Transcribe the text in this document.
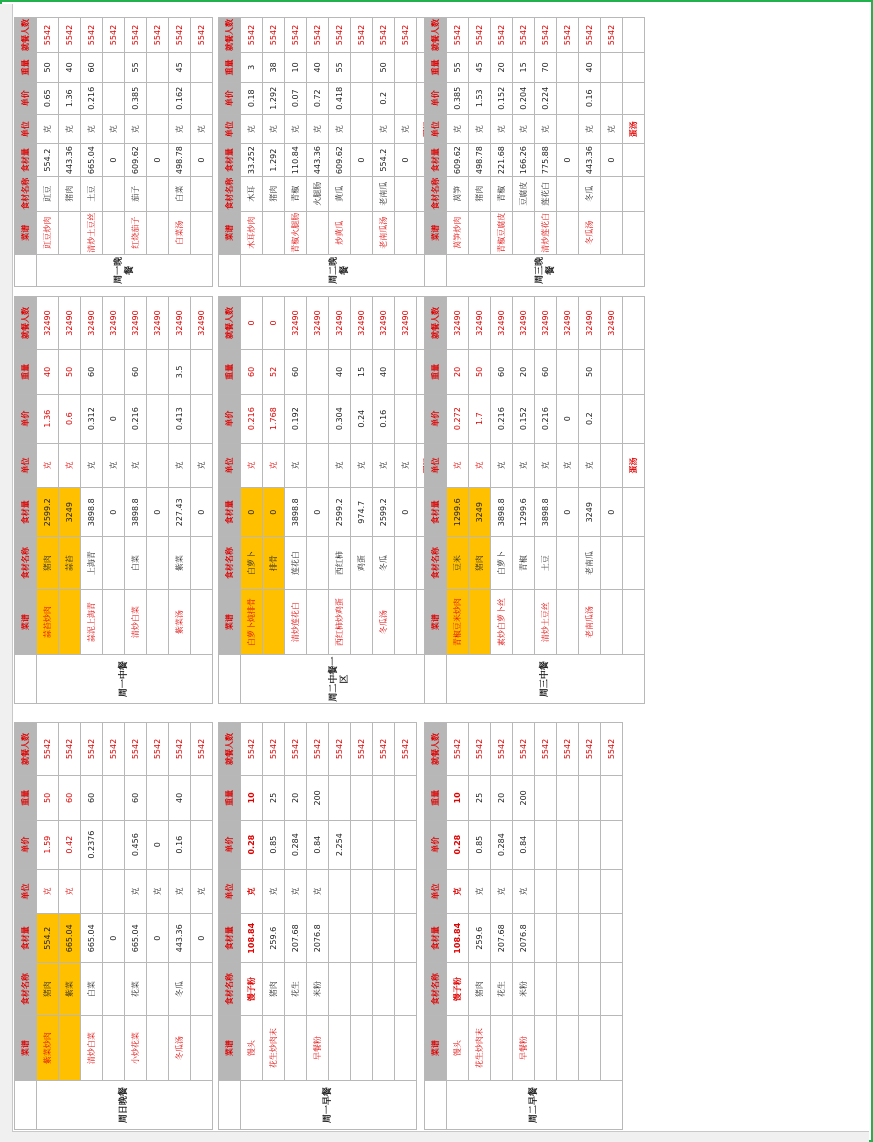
	菜谱	食材名称	食材量	单位	单价	重量	就餐人数
周日晚餐	紫菜炒肉	猪肉	554.2	克	1.59	50	5542
		紫菜	665.04	克	0.42	60	5542
	清炒白菜	白菜	665.04		0.2376	60	5542
			0				5542
	小炒花菜	花菜	665.04	克	0.456	60	5542
			0	克	0		5542
	冬瓜汤	冬瓜	443.36	克	0.16	40	5542
			0	克			5542
	菜谱	食材名称	食材量	单位	单价	重量	就餐人数
周一中餐	蒜苔炒肉	猪肉	2599.2	克	1.36	40	32490
		蒜苔	3249	克	0.6	50	32490
	蒜泥上海青	上海青	3898.8	克	0.312	60	32490
			0	克	0		32490
	清炒白菜	白菜	3898.8	克	0.216	60	32490
			0				32490
	紫菜汤	紫菜	227.43	克	0.413	3.5	32490
			0	克			32490
	菜谱	食材名称	食材量	单位	单价	重量	就餐人数
周一晚餐	豇豆炒肉	豇豆	554.2	克	0.65	50	5542
		猪肉	443.36	克	1.36	40	5542
	清炒土豆丝	土豆	665.04	克	0.216	60	5542
			0	克			5542
	红烧茄子	茄子	609.62	克	0.385	55	5542
			0				5542
	白菜汤	白菜	498.78	克	0.162	45	5542
			0	克			5542
	菜谱	食材名称	食材量	单位	单价	重量	就餐人数
周一早餐	馒头	馒子粉	108.84	克	0.28	10	5542
	花生炒肉末	猪肉	259.6	克	0.85	25	5542
		花生	207.68	克	0.284	20	5542
	早餐粉	米粉	2076.8	克	0.84	200	5542
					2.254		5542
							5542
							5542
							5542
	菜谱	食材名称	食材量	单位	单价	重量	就餐人数
周二中餐一区	白萝卜炖排骨	白萝卜	0	克	0.216	60	0
		排骨	0	克	1.768	52	0
	清炒莲花白	莲花白	3898.8	克	0.192	60	32490
			0				32490
	西红柿炒鸡蛋	西红柿	2599.2	克	0.304	40	32490
		鸡蛋	974.7	克	0.24	15	32490
	冬瓜汤	冬瓜	2599.2	克	0.16	40	32490
			0	克			32490

	菜谱	食材名称	食材量	单位	单价	重量	就餐人数
周二晚餐	木耳炒肉	木耳	33.252	克	0.18	3	5542
		猪肉	1.292	克	1.292	38	5542
	青椒火腿肠	青椒	110.84	克	0.07	10	5542
		火腿肠	443.36	克	0.72	40	5542
	炒黄瓜	黄瓜	609.62	克	0.418	55	5542
			0				5542
	老南瓜汤	老南瓜	554.2	克	0.2	50	5542
			0	克			5542

	菜谱	食材名称	食材量	单位	单价	重量	就餐人数
周二早餐	馒头	馒子粉	108.84	克	0.28	10	5542
	花生炒肉末	猪肉	259.6	克	0.85	25	5542
		花生	207.68	克	0.284	20	5542
	早餐粉	米粉	2076.8	克	0.84	200	5542
							5542
							5542
							5542
							5542
	菜谱	食材名称	食材量	单位	单价	重量	就餐人数
周三中餐	青椒豆米炒肉	豆米	1299.6	克	0.272	20	32490
		猪肉	3249	克	1.7	50	32490
	素炒白萝卜丝	白萝卜	3898.8	克	0.216	60	32490
		青椒	1299.6	克	0.152	20	32490
	清炒土豆丝	土豆	3898.8	克	0.216	60	32490
			0	克	0		32490
	老南瓜汤	老南瓜	3249	克	0.2	50	32490
			0				32490
				蛋汤			
	菜谱	食材名称	食材量	单位	单价	重量	就餐人数
周三晚餐	莴笋炒肉	莴笋	609.62	克	0.385	55	5542
		猪肉	498.78	克	1.53	45	5542
	青椒豆腐皮	青椒	221.68	克	0.152	20	5542
		豆腐皮	166.26	克	0.204	15	5542
	清炒莲花白	莲花白	775.88	克	0.224	70	5542
			0				5542
	冬瓜汤	冬瓜	443.36	克	0.16	40	5542
			0	克			5542
				蛋汤			
